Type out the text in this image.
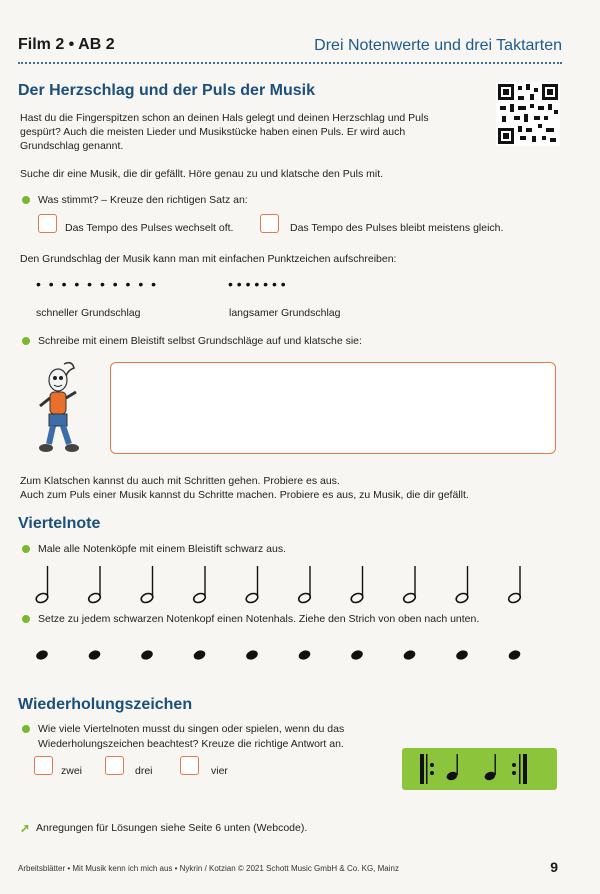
Film 2 • AB 2	Drei Notenwerte und drei Taktarten
Der Herzschlag und der Puls der Musik
Hast du die Fingerspitzen schon an deinen Hals gelegt und deinen Herzschlag und Puls
gespürt? Auch die meisten Lieder und Musikstücke haben einen Puls. Er wird auch
Grundschlag genannt.
Suche dir eine Musik, die dir gefällt. Höre genau zu und klatsche den Puls mit.
Was stimmt? – Kreuze den richtigen Satz an:
Das Tempo des Pulses wechselt oft.	Das Tempo des Pulses bleibt meistens gleich.
Den Grundschlag der Musik kann man mit einfachen Punktzeichen aufschreiben:
• • • • • • • • • •	• • • • • • •
schneller Grundschlag	langsamer Grundschlag
Schreibe mit einem Bleistift selbst Grundschläge auf und klatsche sie:
Zum Klatschen kannst du auch mit Schritten gehen. Probiere es aus.
Auch zum Puls einer Musik kannst du Schritte machen. Probiere es aus, zu Musik, die dir gefällt.
Viertelnote
Male alle Notenköpfe mit einem Bleistift schwarz aus.
Setze zu jedem schwarzen Notenkopf einen Notenhals. Ziehe den Strich von oben nach unten.
Wiederholungszeichen
Wie viele Viertelnoten musst du singen oder spielen, wenn du das
Wiederholungszeichen beachtest? Kreuze die richtige Antwort an.
zwei	drei	vier
➚ Anregungen für Lösungen siehe Seite 6 unten (Webcode).
Arbeitsblätter • Mit Musik kenn ich mich aus • Nykrin / Kotzian © 2021 Schott Music GmbH & Co. KG, Mainz	9
